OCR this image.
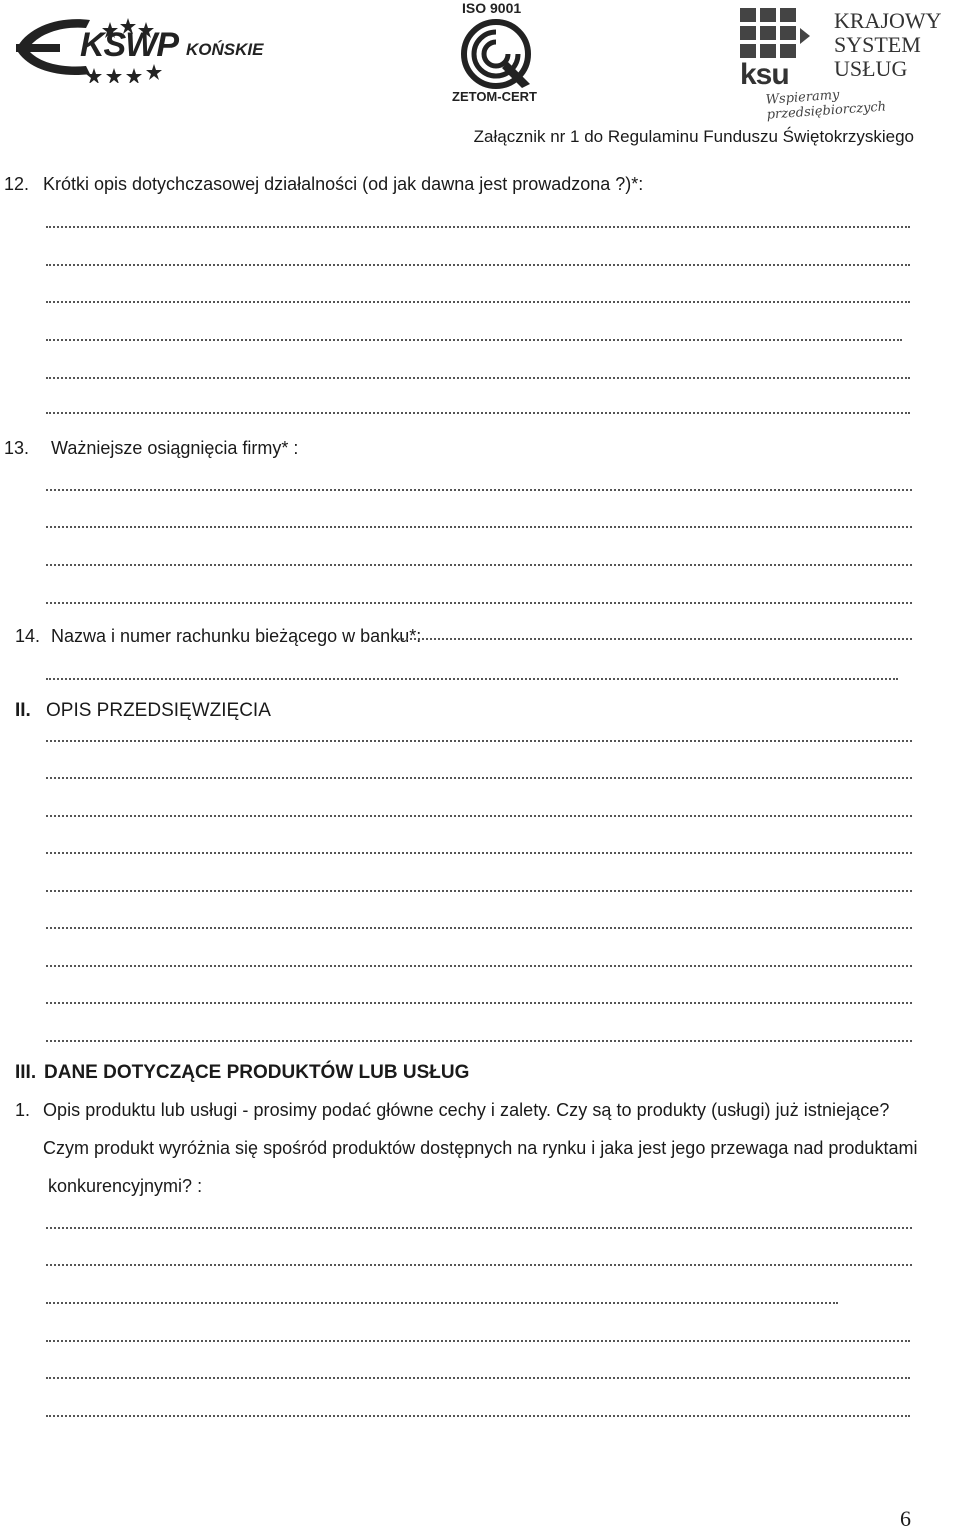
KSWP KOŃSKIE
ISO 9001
ZETOM-CERT
ksu
KRAJOWY
SYSTEM
USŁUG
Wspieramy przedsiębiorczych
Załącznik nr 1 do Regulaminu Funduszu Świętokrzyskiego
12. Krótki opis dotychczasowej działalności (od jak dawna jest prowadzona ?)*:
13. Ważniejsze osiągnięcia firmy* :
14. Nazwa i numer rachunku bieżącego w banku*:
II. OPIS PRZEDSIĘWZIĘCIA
III. DANE DOTYCZĄCE PRODUKTÓW LUB USŁUG
1. Opis produktu lub usługi - prosimy podać główne cechy i zalety. Czy są to produkty (usługi) już istniejące?
Czym produkt wyróżnia się spośród produktów dostępnych na rynku i jaka jest jego przewaga nad produktami
konkurencyjnymi? :
6
